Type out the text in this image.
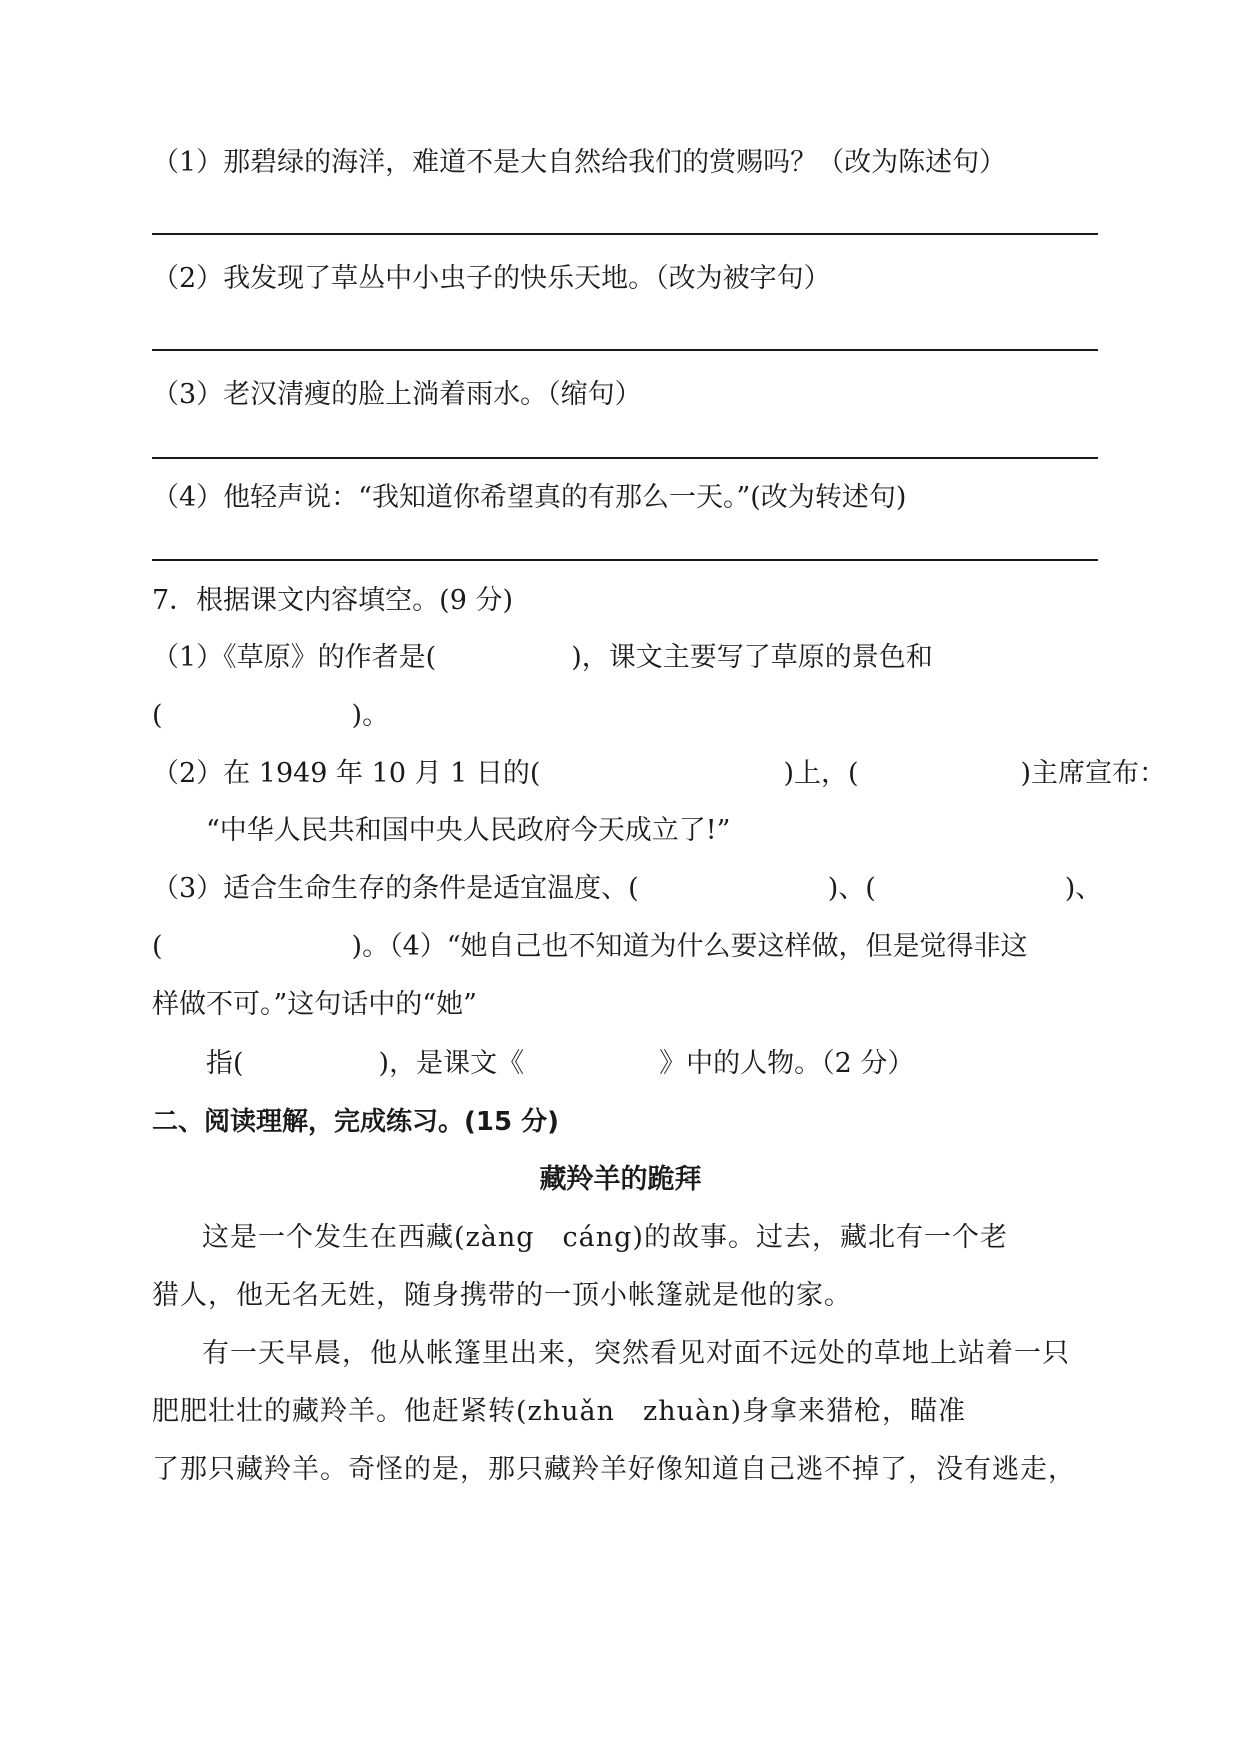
（1）那碧绿的海洋，难道不是大自然给我们的赏赐吗？（改为陈述句）
（2）我发现了草丛中小虫子的快乐天地。（改为被字句）
（3）老汉清瘦的脸上淌着雨水。（缩句）
（4）他轻声说：“我知道你希望真的有那么一天。”(改为转述句)
7．根据课文内容填空。(9 分)
（1）《草原》的作者是(　　　　　)，课文主要写了草原的景色和
(　　　　　　　)。
（2）在 1949 年 10 月 1 日的(　　　　　　　　　)上，(　　　　　　)主席宣布：
“中华人民共和国中央人民政府今天成立了!”
（3）适合生命生存的条件是适宜温度、(　　　　　　　)、(　　　　　　　)、
(　　　　　　　)。（4）“她自己也不知道为什么要这样做，但是觉得非这
样做不可。”这句话中的“她”
指(　　　　　)，是课文《　　　　　》中的人物。（2 分）
二、阅读理解，完成练习。(15 分)
藏羚羊的跪拜
这是一个发生在西藏(zàng　cáng)的故事。过去，藏北有一个老
猎人，他无名无姓，随身携带的一顶小帐篷就是他的家。
有一天早晨，他从帐篷里出来，突然看见对面不远处的草地上站着一只
肥肥壮壮的藏羚羊。他赶紧转(zhuǎn　zhuàn)身拿来猎枪，瞄准
了那只藏羚羊。奇怪的是，那只藏羚羊好像知道自己逃不掉了，没有逃走，
